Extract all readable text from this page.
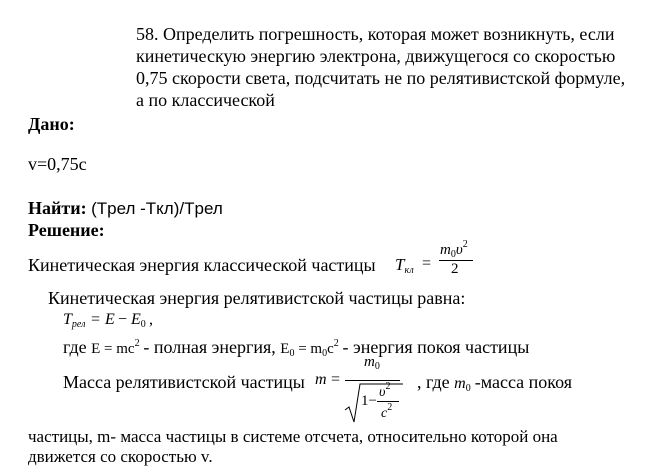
58. Определить погрешность, которая может возникнуть, если
кинетическую энергию электрона, движущегося со скоростью
0,75 скорости света, подсчитать не по релятивистской формуле,
а по классической
Дано:
v=0,75c
Найти: (Tрел -Tкл)/Tрел
Решение:
Кинетическая энергия классической частицы $T_{кл}$ =
$m_0\upsilon^2$
2
Кинетическая энергия релятивистской частицы равна:
$T_{рел} = E - E_0$ ,
где $E = mc^2$ - полная энергия, $E_0 = m_0c^2$ - энергия покоя частицы
Масса релятивистской частицы m =
$m_0$
1−
$\upsilon^2$
$c^2$
, где $m_0$ -масса покоя
частицы, m- масса частицы в системе отсчета, относительно которой она
движется со скоростью v.
